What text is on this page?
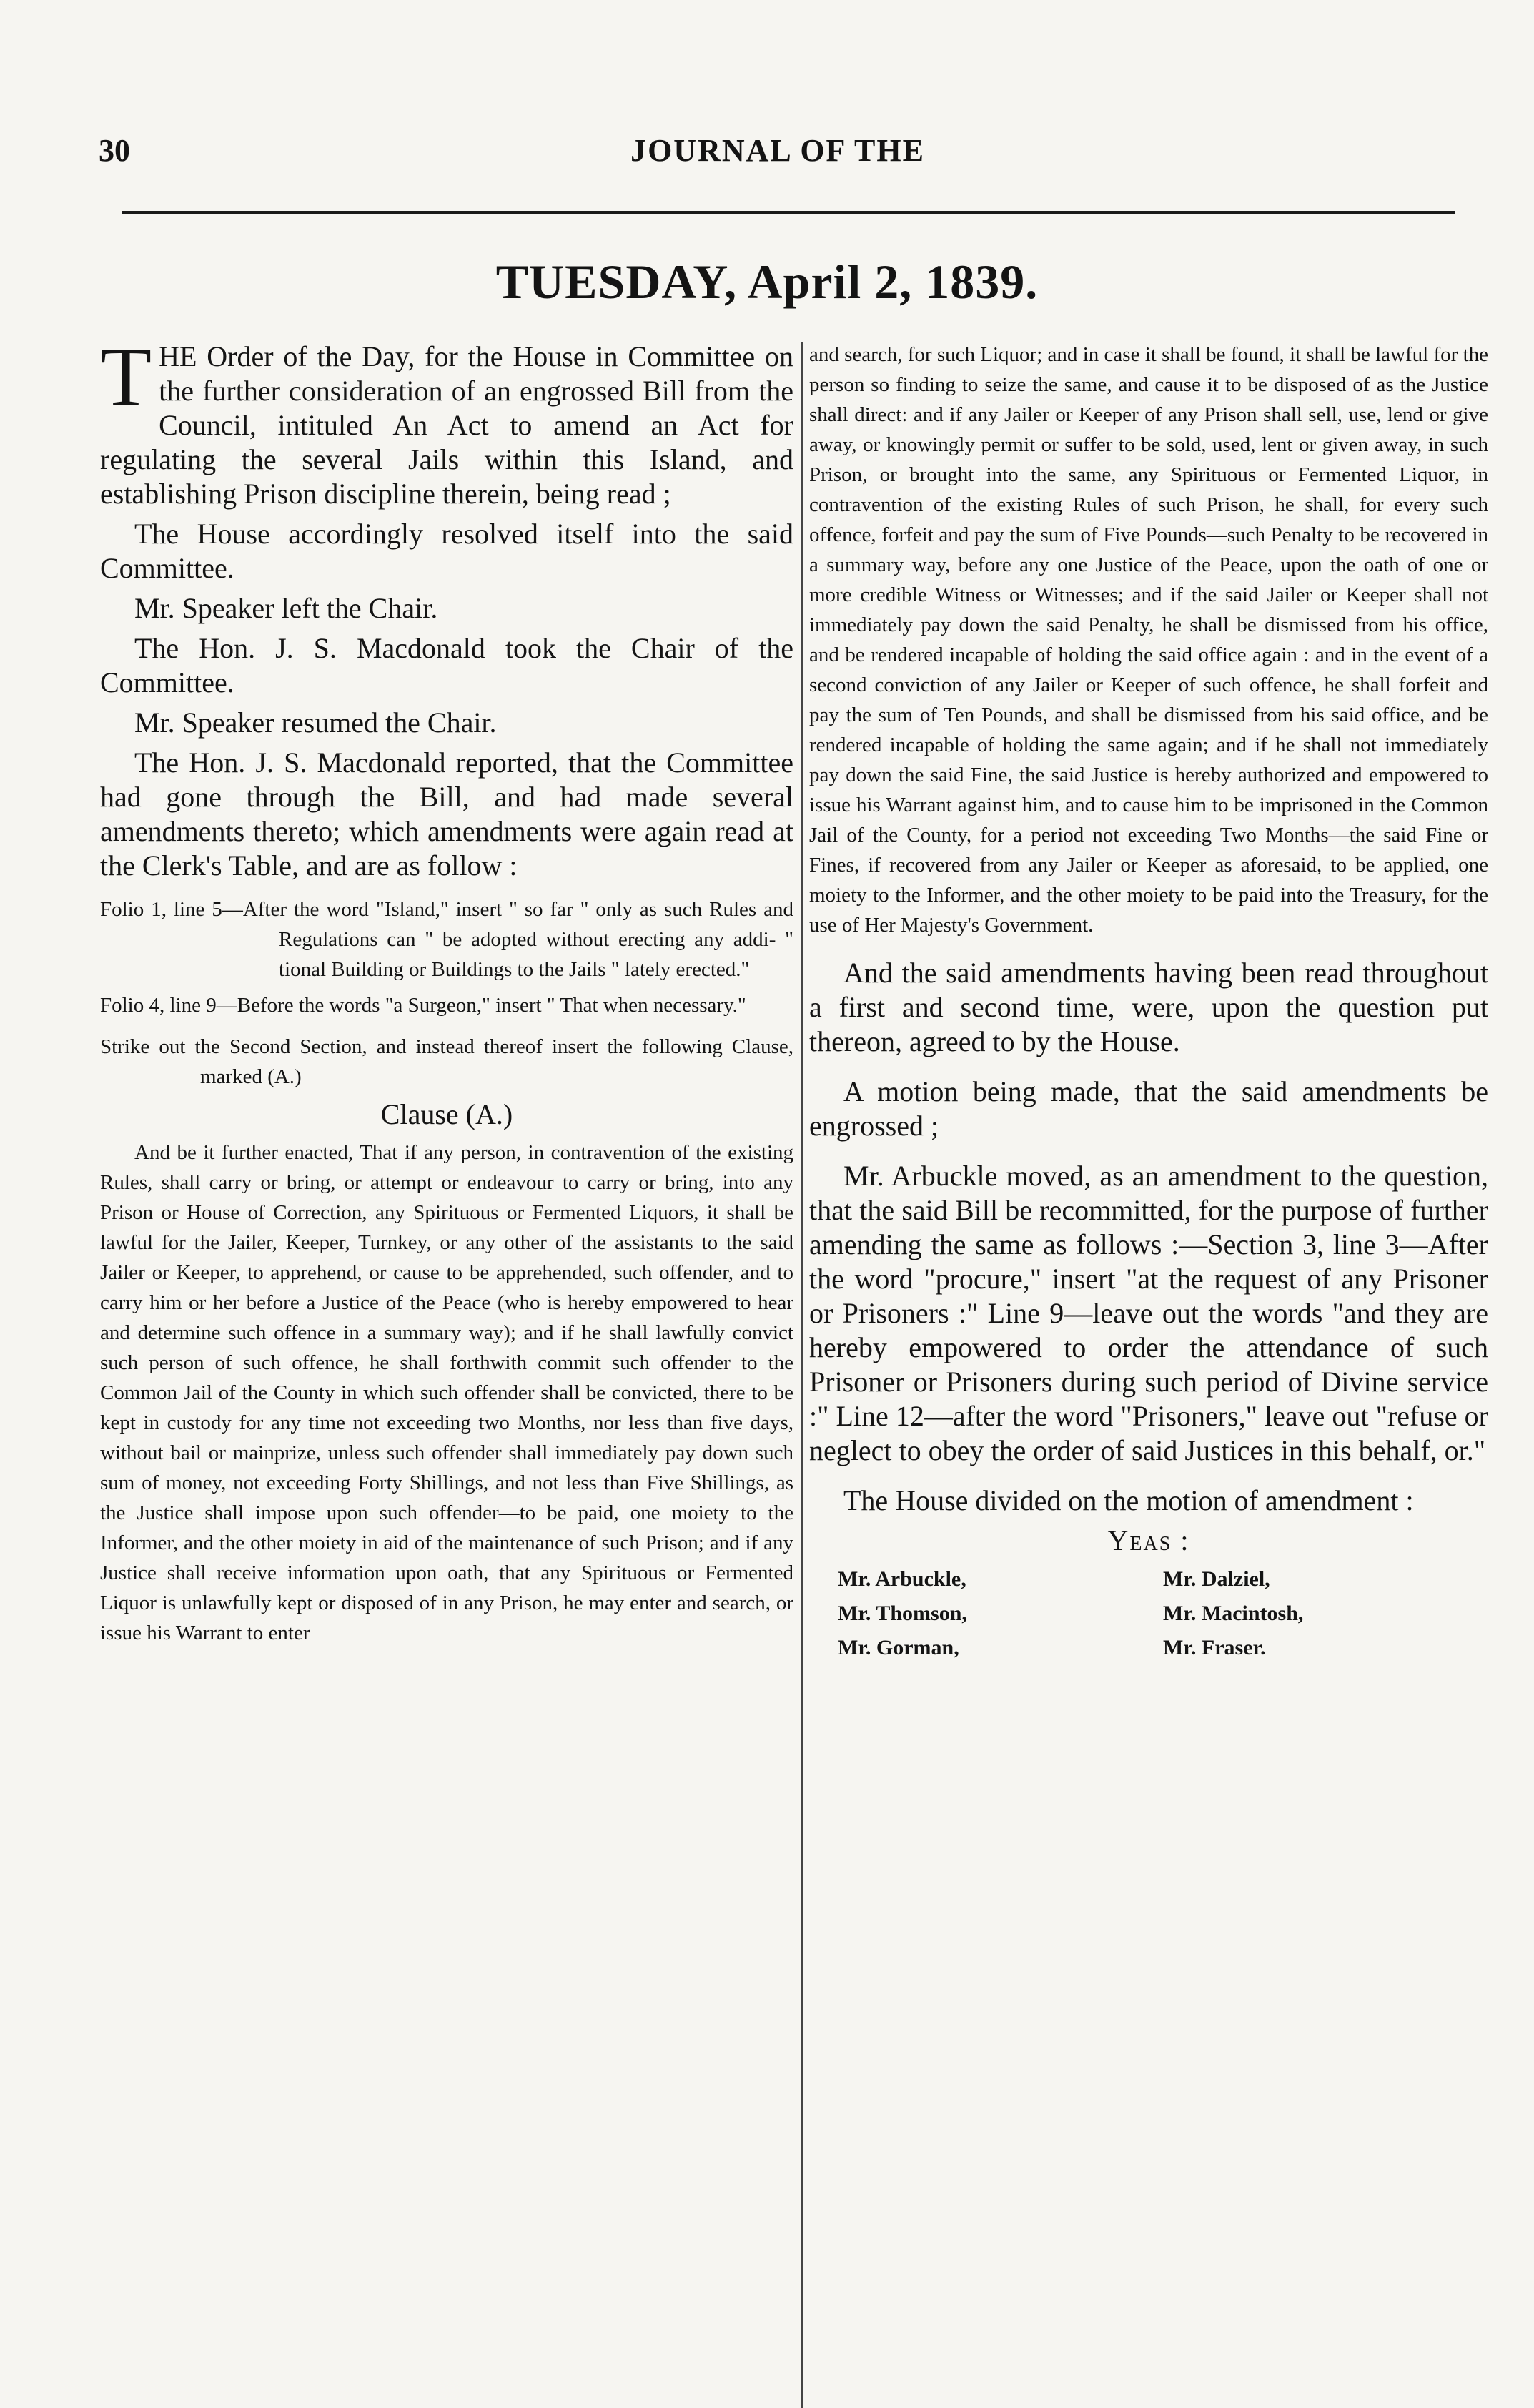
30	JOURNAL OF THE
TUESDAY, April 2, 1839.

THE Order of the Day, for the House in Committee on the further consideration of an engrossed Bill from the Council, intituled An Act to amend an Act for regulating the several Jails within this Island, and establishing Prison discipline therein, being read ;

The House accordingly resolved itself into the said Committee.

Mr. Speaker left the Chair.

The Hon. J. S. Macdonald took the Chair of the Committee.

Mr. Speaker resumed the Chair.

The Hon. J. S. Macdonald reported, that the Committee had gone through the Bill, and had made several amendments thereto; which amendments were again read at the Clerk's Table, and are as follow :

Folio 1, line 5—After the word "Island," insert " so far " only as such Rules and Regulations can " be adopted without erecting any addi- " tional Building or Buildings to the Jails " lately erected."

Folio 4, line 9—Before the words "a Surgeon," insert " That when necessary."

Strike out the Second Section, and instead thereof insert the following Clause, marked (A.)

Clause (A.)

And be it further enacted, That if any person, in contravention of the existing Rules, shall carry or bring, or attempt or endeavour to carry or bring, into any Prison or House of Correction, any Spirituous or Fermented Liquors, it shall be lawful for the Jailer, Keeper, Turnkey, or any other of the assistants to the said Jailer or Keeper, to apprehend, or cause to be apprehended, such offender, and to carry him or her before a Justice of the Peace (who is hereby empowered to hear and determine such offence in a summary way); and if he shall lawfully convict such person of such offence, he shall forthwith commit such offender to the Common Jail of the County in which such offender shall be convicted, there to be kept in custody for any time not exceeding two Months, nor less than five days, without bail or mainprize, unless such offender shall immediately pay down such sum of money, not exceeding Forty Shillings, and not less than Five Shillings, as the Justice shall impose upon such offender—to be paid, one moiety to the Informer, and the other moiety in aid of the maintenance of such Prison; and if any Justice shall receive information upon oath, that any Spirituous or Fermented Liquor is unlawfully kept or disposed of in any Prison, he may enter and search, or issue his Warrant to enter

and search, for such Liquor; and in case it shall be found, it shall be lawful for the person so finding to seize the same, and cause it to be disposed of as the Justice shall direct: and if any Jailer or Keeper of any Prison shall sell, use, lend or give away, or knowingly permit or suffer to be sold, used, lent or given away, in such Prison, or brought into the same, any Spirituous or Fermented Liquor, in contravention of the existing Rules of such Prison, he shall, for every such offence, forfeit and pay the sum of Five Pounds—such Penalty to be recovered in a summary way, before any one Justice of the Peace, upon the oath of one or more credible Witness or Witnesses; and if the said Jailer or Keeper shall not immediately pay down the said Penalty, he shall be dismissed from his office, and be rendered incapable of holding the said office again : and in the event of a second conviction of any Jailer or Keeper of such offence, he shall forfeit and pay the sum of Ten Pounds, and shall be dismissed from his said office, and be rendered incapable of holding the same again; and if he shall not immediately pay down the said Fine, the said Justice is hereby authorized and empowered to issue his Warrant against him, and to cause him to be imprisoned in the Common Jail of the County, for a period not exceeding Two Months—the said Fine or Fines, if recovered from any Jailer or Keeper as aforesaid, to be applied, one moiety to the Informer, and the other moiety to be paid into the Treasury, for the use of Her Majesty's Government.

And the said amendments having been read throughout a first and second time, were, upon the question put thereon, agreed to by the House.

A motion being made, that the said amendments be engrossed ;

Mr. Arbuckle moved, as an amendment to the question, that the said Bill be recommitted, for the purpose of further amending the same as follows :—Section 3, line 3—After the word "procure," insert "at the request of any Prisoner or Prisoners :" Line 9—leave out the words "and they are hereby empowered to order the attendance of such Prisoner or Prisoners during such period of Divine service :" Line 12—after the word "Prisoners," leave out "refuse or neglect to obey the order of said Justices in this behalf, or."

The House divided on the motion of amendment :

Yeas :

Mr. Arbuckle,	Mr. Dalziel,
Mr. Thomson,	Mr. Macintosh,
Mr. Gorman,	Mr. Fraser.
